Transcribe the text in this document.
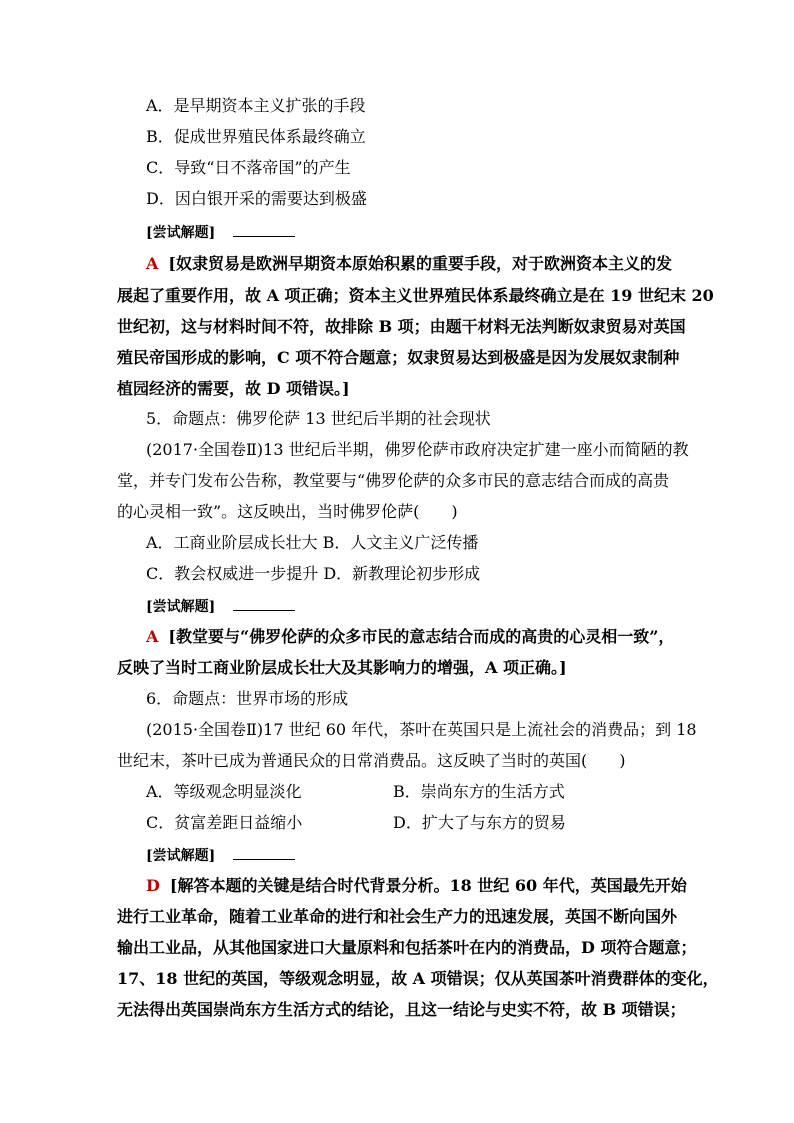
A．是早期资本主义扩张的手段
B．促成世界殖民体系最终确立
C．导致“日不落帝国”的产生
D．因白银开采的需要达到极盛
[尝试解题]
A [奴隶贸易是欧洲早期资本原始积累的重要手段，对于欧洲资本主义的发
展起了重要作用，故 A 项正确；资本主义世界殖民体系最终确立是在 19 世纪末 20
世纪初，这与材料时间不符，故排除 B 项；由题干材料无法判断奴隶贸易对英国
殖民帝国形成的影响，C 项不符合题意；奴隶贸易达到极盛是因为发展奴隶制种
植园经济的需要，故 D 项错误。]
5．命题点：佛罗伦萨 13 世纪后半期的社会现状
(2017·全国卷Ⅱ)13 世纪后半期，佛罗伦萨市政府决定扩建一座小而简陋的教
堂，并专门发布公告称，教堂要与“佛罗伦萨的众多市民的意志结合而成的高贵
的心灵相一致”。这反映出，当时佛罗伦萨(　　)
A．工商业阶层成长壮大 B．人文主义广泛传播
C．教会权威进一步提升 D．新教理论初步形成
[尝试解题]
A [教堂要与“佛罗伦萨的众多市民的意志结合而成的高贵的心灵相一致”，
反映了当时工商业阶层成长壮大及其影响力的增强，A 项正确。]
6．命题点：世界市场的形成
(2015·全国卷Ⅱ)17 世纪 60 年代，茶叶在英国只是上流社会的消费品；到 18
世纪末，茶叶已成为普通民众的日常消费品。这反映了当时的英国(　　)
A．等级观念明显淡化	B．崇尚东方的生活方式
C．贫富差距日益缩小	D．扩大了与东方的贸易
[尝试解题]
D [解答本题的关键是结合时代背景分析。18 世纪 60 年代，英国最先开始
进行工业革命，随着工业革命的进行和社会生产力的迅速发展，英国不断向国外
输出工业品，从其他国家进口大量原料和包括茶叶在内的消费品，D 项符合题意；
17、18 世纪的英国，等级观念明显，故 A 项错误；仅从英国茶叶消费群体的变化，
无法得出英国崇尚东方生活方式的结论，且这一结论与史实不符，故 B 项错误；
